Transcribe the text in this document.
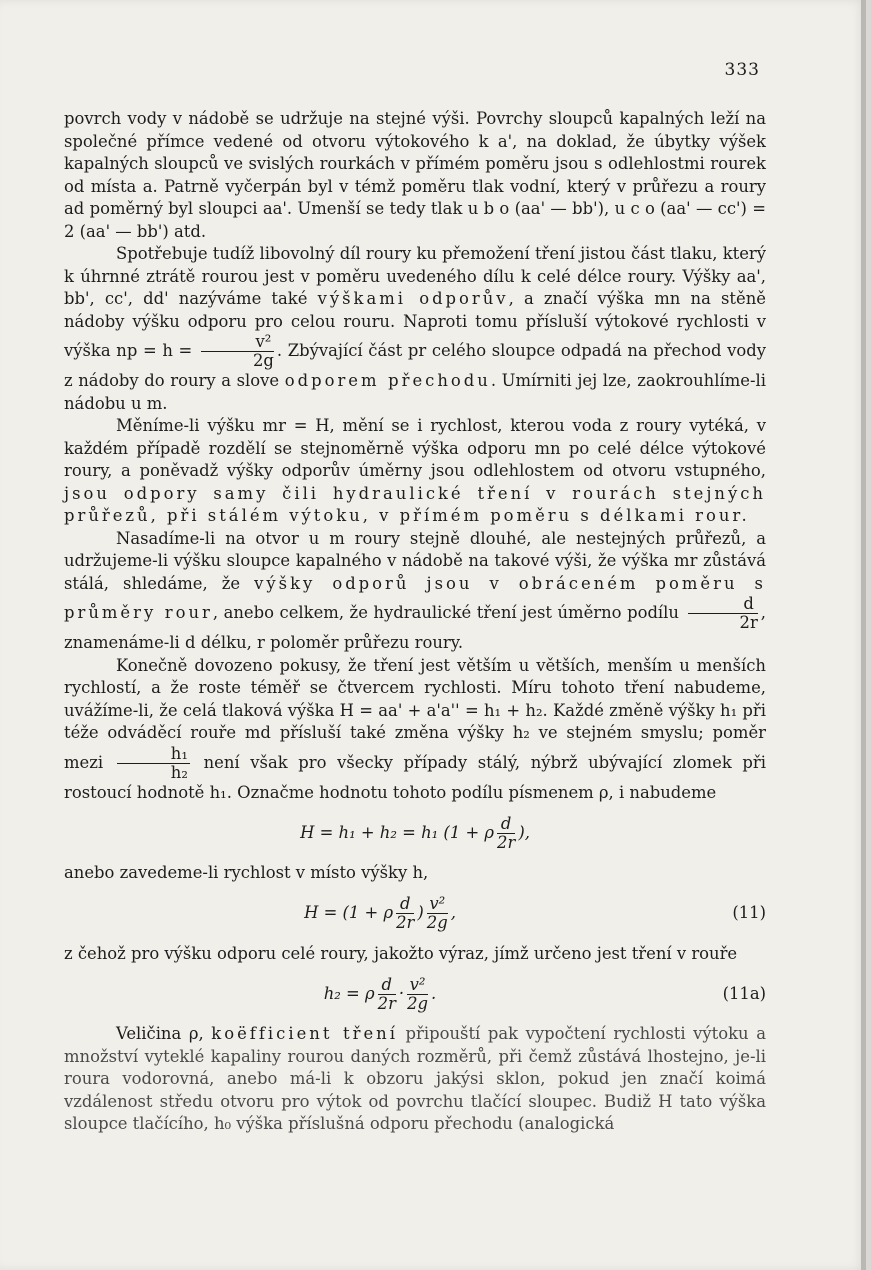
333

povrch vody v nádobě se udržuje na stejné výši. Povrchy sloupců kapalných leží na společné přímce vedené od otvoru výtokového k a', na doklad, že úbytky výšek kapalných sloupců ve svislých rourkách v přímém poměru jsou s odlehlostmi rourek od místa a. Patrně vyčerpán byl v témž poměru tlak vodní, který v průřezu a roury ad poměrný byl sloupci aa'. Umenší se tedy tlak u b o (aa' — bb'), u c o (aa' — cc') = 2 (aa' — bb') atd.

Spotřebuje tudíž libovolný díl roury ku přemožení tření jistou část tlaku, který k úhrnné ztrátě rourou jest v poměru uvedeného dílu k celé délce roury. Výšky aa', bb', cc', dd' nazýváme také výškami odporův, a značí výška mn na stěně nádoby výšku odporu pro celou rouru. Naproti tomu přísluší výtokové rychlosti v výška np = $h = \frac{\text{v²}}{2g}$ . Zbývající část pr celého sloupce odpadá na přechod vody z nádoby do roury a slove odporem přechodu. Umírniti jej lze, zaokrouhlíme-li nádobu u m.

Měníme-li výšku mr = H, mění se i rychlost, kterou voda z roury vytéká, v každém případě rozdělí se stejnoměrně výška odporu mn po celé délce výtokové roury, a poněvadž výšky odporův úměrny jsou odlehlostem od otvoru vstupného, jsou odpory samy čili hydraulické tření v rourách stejných průřezů, při stálém výtoku, v přímém poměru s délkami rour.

Nasadíme-li na otvor u m roury stejně dlouhé, ale nestejných průřezů, a udržujeme-li výšku sloupce kapalného v nádobě na takové výši, že výška mr zůstává stálá, shledáme, že výšky odporů jsou v obráceném poměru s průměry rour, anebo celkem, že hydraulické tření jest úměrno podílu $\frac{d}{2r}$ , znamenáme-li d délku, r poloměr průřezu roury.

Konečně dovozeno pokusy, že tření jest větším u větších, menším u menších rychlostí, a že roste téměř se čtvercem rychlosti. Míru tohoto tření nabudeme, uvážíme-li, že celá tlaková výška H = aa' + a'a'' = h₁ + h₂. Každé změně výšky h₁ při téže odváděcí rouře md přísluší také změna výšky h₂ ve stejném smyslu; poměr mezi $\frac{\text{h₁}}{\text{h₂}}$ není však pro všecky případy stálý, nýbrž ubývající zlomek při rostoucí hodnotě h₁. Označme hodnotu tohoto podílu písmenem ρ, i nabudeme

H = h₁ + h₂ = h₁ (1 + ρ $\frac{d}{2r}$ ),

anebo zavedeme-li rychlost v místo výšky h,

H = (1 + ρ $\frac{d}{2r}$ ) $\frac{\text{v²}}{2g}$ ,	(11)

z čehož pro výšku odporu celé roury, jakožto výraz, jímž určeno jest tření v rouře

h₂ = ρ $\frac{d}{2r} \cdot \frac{\text{v²}}{2g}$ .	(11a)

Veličina ρ, koëfficient tření připouští pak vypočtení rychlosti výtoku a množství vyteklé kapaliny rourou daných rozměrů, při čemž zůstává lhostejno, je-li roura vodorovná, anebo má-li k obzoru jakýsi sklon, pokud jen značí koimá vzdálenost středu otvoru pro výtok od povrchu tlačící sloupec. Budiž H tato výška sloupce tlačícího, h₀ výška příslušná odporu přechodu (analogická
